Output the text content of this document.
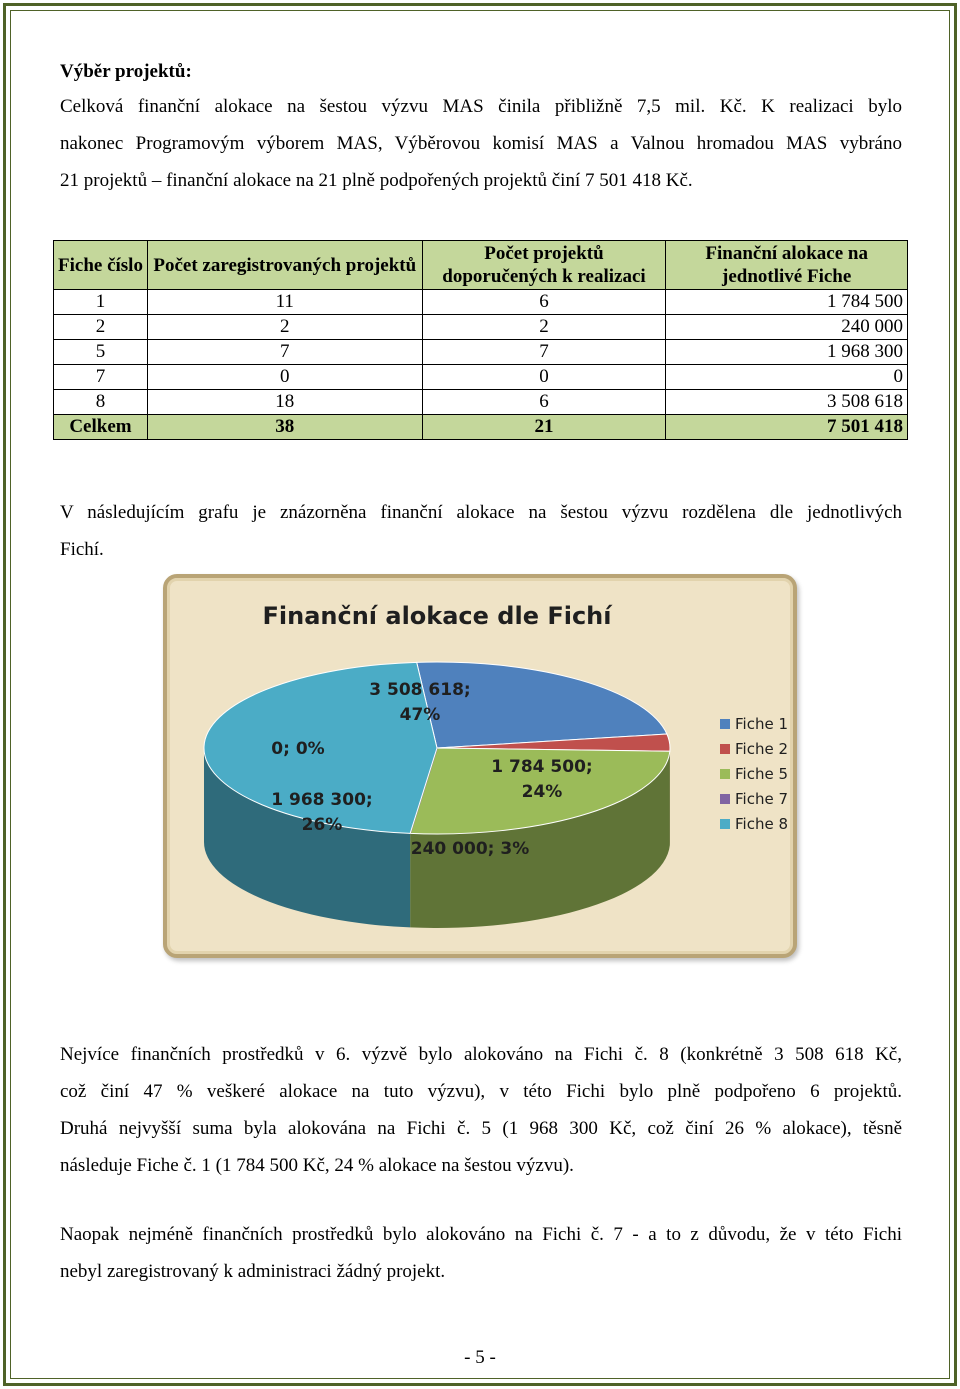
Výběr projektů:
Celková finanční alokace na šestou výzvu MAS činila přibližně 7,5 mil. Kč. K realizaci bylo
nakonec Programovým výborem MAS, Výběrovou komisí MAS a Valnou hromadou MAS vybráno
21 projektů – finanční alokace na 21 plně podpořených projektů činí 7 501 418 Kč.
Fiche číslo	Počet zaregistrovaných projektů	Počet projektů doporučených k realizaci	Finanční alokace na jednotlivé Fiche
1	11	6	1 784 500
2	2	2	240 000
5	7	7	1 968 300
7	0	0	0
8	18	6	3 508 618
Celkem	38	21	7 501 418
V následujícím grafu je znázorněna finanční alokace na šestou výzvu rozdělena dle jednotlivých
Fichí.
Finanční alokace dle Fichí
1 784 500; 24%
240 000; 3%
1 968 300; 26%
0; 0%
3 508 618; 47%	Fiche 1
Fiche 2
Fiche 5
Fiche 7
Fiche 8
Nejvíce finančních prostředků v 6. výzvě bylo alokováno na Fichi č. 8 (konkrétně 3 508 618 Kč,
což činí 47 % veškeré alokace na tuto výzvu), v této Fichi bylo plně podpořeno 6 projektů.
Druhá nejvyšší suma byla alokována na Fichi č. 5 (1 968 300 Kč, což činí 26 % alokace), těsně
následuje Fiche č. 1 (1 784 500 Kč, 24 % alokace na šestou výzvu).
Naopak nejméně finančních prostředků bylo alokováno na Fichi č. 7 - a to z důvodu, že v této Fichi
nebyl zaregistrovaný k administraci žádný projekt.
- 5 -
